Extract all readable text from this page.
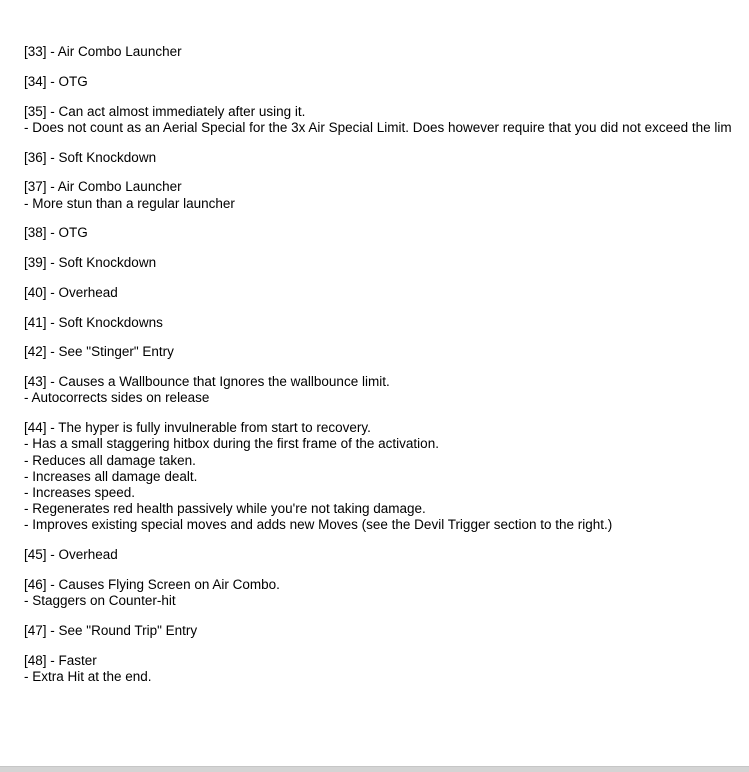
[33] - Air Combo Launcher
[34] - OTG
[35] - Can act almost immediately after using it.
- Does not count as an Aerial Special for the 3x Air Special Limit. Does however require that you did not exceed the lim
[36] - Soft Knockdown
[37] - Air Combo Launcher
- More stun than a regular launcher
[38] - OTG
[39] - Soft Knockdown
[40] - Overhead
[41] - Soft Knockdowns
[42] - See "Stinger" Entry
[43] - Causes a Wallbounce that Ignores the wallbounce limit.
- Autocorrects sides on release
[44] - The hyper is fully invulnerable from start to recovery.
- Has a small staggering hitbox during the first frame of the activation.
- Reduces all damage taken.
- Increases all damage dealt.
- Increases speed.
- Regenerates red health passively while you're not taking damage.
- Improves existing special moves and adds new Moves (see the Devil Trigger section to the right.)
[45] - Overhead
[46] - Causes Flying Screen on Air Combo.
- Staggers on Counter-hit
[47] - See "Round Trip" Entry
[48] - Faster
- Extra Hit at the end.
